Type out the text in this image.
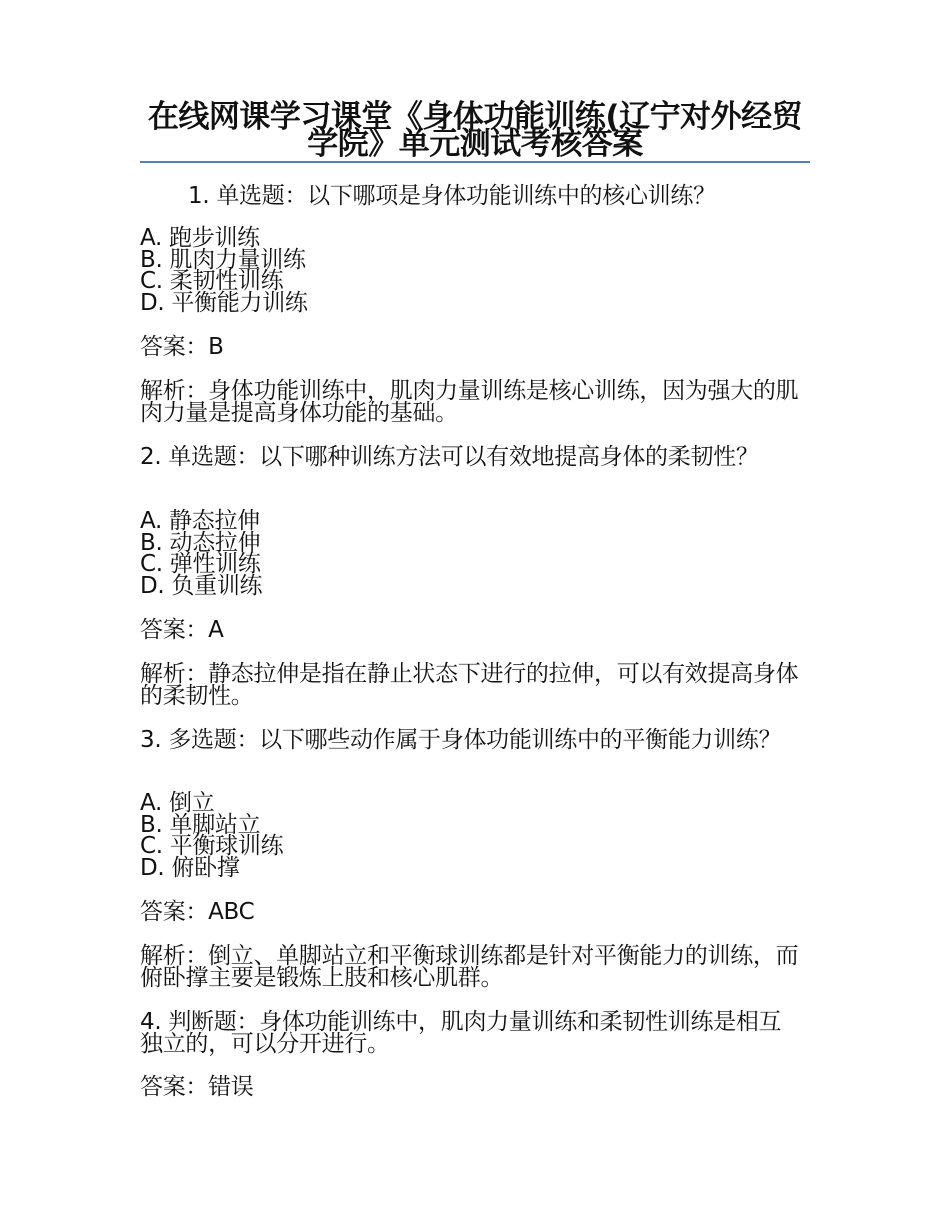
在线网课学习课堂《身体功能训练(辽宁对外经贸学院》单元测试考核答案

1. 单选题：以下哪项是身体功能训练中的核心训练？

A. 跑步训练
B. 肌肉力量训练
C. 柔韧性训练
D. 平衡能力训练

答案：B

解析：身体功能训练中，肌肉力量训练是核心训练，因为强大的肌肉力量是提高身体功能的基础。

2. 单选题：以下哪种训练方法可以有效地提高身体的柔韧性？

A. 静态拉伸
B. 动态拉伸
C. 弹性训练
D. 负重训练

答案：A

解析：静态拉伸是指在静止状态下进行的拉伸，可以有效提高身体的柔韧性。

3. 多选题：以下哪些动作属于身体功能训练中的平衡能力训练？

A. 倒立
B. 单脚站立
C. 平衡球训练
D. 俯卧撑

答案：ABC

解析：倒立、单脚站立和平衡球训练都是针对平衡能力的训练，而俯卧撑主要是锻炼上肢和核心肌群。

4. 判断题：身体功能训练中，肌肉力量训练和柔韧性训练是相互独立的，可以分开进行。

答案：错误
